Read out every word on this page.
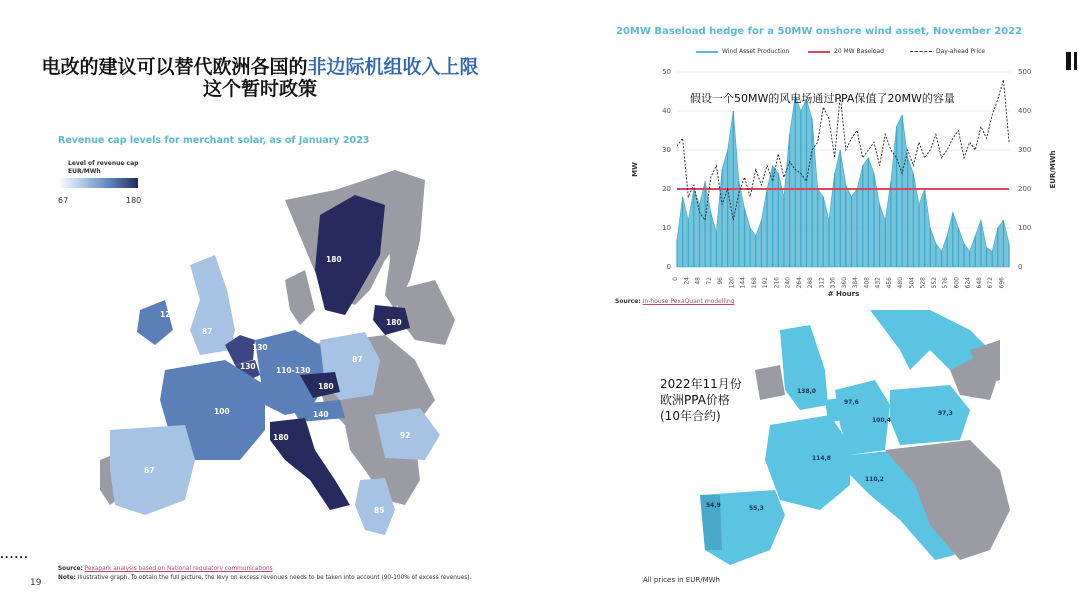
电改的建议可以替代欧洲各国的非边际机组收入上限
这个暂时政策
Revenue cap levels for merchant solar, as of January 2023
Level of revenue cap
EUR/MWh
67	180
120
87
130
130	110-130
87
180
140
100
67
180
180
180
92
85
Source: Pexapark analysis based on National regulatory communications
Note: Illustrative graph. To obtain the full picture, the levy on excess revenues needs to be taken into account (90-100% of excess revenues).
......
19
20MW Baseload hedge for a 50MW onshore wind asset, November 2022
Wind Asset Production	20 MW Baseload	Day-ahead Price
0
10
20
30
40
50
0
100
200
300
400
500
0 24 48 72 96 120 144 168 192 216 240 264 288 312 336 360 384 408 432 456 480 504 528 552 576 600 624 648 672 696
MW	EUR/MWh
# Hours
假设一个50MW的风电场通过PPA保值了20MW的容量
Source: In-house PexaQuant modelling
138,0
97,6
100,4
97,3
114,8
110,2
54,9	55,3
2022年11月份
欧洲PPA价格
(10年合约)
All prices in EUR/MWh
